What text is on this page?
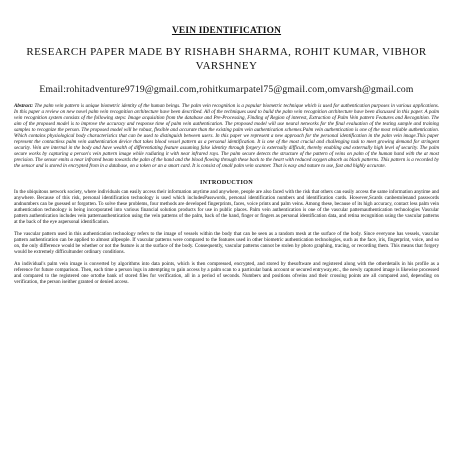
VEIN IDENTIFICATION
RESEARCH PAPER MADE BY RISHABH SHARMA, ROHIT KUMAR, VIBHOR VARSHNEY
Email:rohitadventure9719@gmail.com,rohitkumarpatel75@gmail.com,omvarsh@gmail.com
Abstract: The palm vein pattern is unique biometric identity of the human beings. The palm vein recognition is a popular biometric technique which is used for authentication purposes in various applications. In this paper a review on new novel palm vein recognition architecture have been described. All of the techniques used to build the palm vein recognition architecture have been discussed in this paper. A palm vein recognition system consists of the following steps: Image acquisition from the database and Pre-Processing, Finding of Region of interest, Extraction of Palm Vein pattern Features and Recognition. The aim of the proposed model is to improve the accuracy and response time of palm vein authentication. The proposed model will use neural networks for the final evaluation of the testing sample and training samples to recognize the person. The proposed model will be robust, flexible and accurate than the existing palm vein authentication schemes.Palm vein authentication is one of the most reliable authentication. Which contains physiological body characteristics that can be used to distinguish between users. In this paper we represent a new approach for the personal identification in the palm vein image.This paper represent the contactless palm vein authentication device that takes blood vessel pattern as a personal identification. It is one of the most crucial and challenging task to meet growing demand for stringent security. Vein are internal in the body and have wealth of differentiating feature assuming false identity through forgery is externally difficult, thereby enabling and externally high level of security. The palm secure works by capturing a person's vein pattern image while radiating it with near infrared rays. The palm secure detects the structure of the pattern of veins on palm of the human hand with the at most precision. The sensor emits a near infrared beam towards the palm of the hand and the blood flowing through these back to the heart with reduced oxygen absorb as black patterns. This pattern is a recorded by the sensor and is stored in encrypted from in a database, on a token or an a smart card. It is consist of small palm vein scanner. That is easy and nature to use, fast and highly accurate.
INTRODUCTION

In the ubiquitous network society, where individuals can easily access their information anytime and anywhere, people are also faced with the risk that others can easily access the same information anytime and anywhere. Because of this risk, personal identification technology is used which includesPasswords, personal identification numbers and identification cards. However,Scards canbestolenand passwords andnumbers can be guessed or forgotten. To solve these problems, four methods are developed fingerprints, faces, voice prints and palm veins. Among these, because of its high accuracy, contact less palm vein authentication technology is being incorporated into various financial solution products for use in public places. Palm vein authentication is one of the vascular patternauthentication technologies Vascular pattern authentication includes vein patternauthentication using the vein patterns of the palm, back of the hand, finger or fingers as personal identification data, and retina recognition using the vascular patterns at the back of the eye aspersonal identification.

The vascular pattern used in this authentication technology refers to the image of vessels within the body that can be seen as a random mesh at the surface of the body. Since everyone has vessels, vascular pattern authentication can be applied to almost allpeople. If vascular patterns were compared to the features used in other biometric authentication technologies, such as the face, iris, fingerprint, voice, and so on, the only difference would be whether or not the feature is at the surface of the body. Consequently, vascular patterns cannot be stolen by photo graphing, tracing, or recording them. This means that forgery would be extremely difficultunder ordinary conditions.

An individual's palm vein image is converted by algorithms into data points, which is then compressed, encrypted, and stored by thesoftware and registered along with the otherdetails in his profile as a reference for future comparison. Then, each time a person logs in attempting to gain access by a palm scan to a particular bank account or secured entryway,etc., the newly captured image is likewise processed and compared to the registered one ortothe bank of stored files for verification, all in a period of seconds. Numbers and positions ofveins and their crossing points are all compared and, depending on verification, the person iseither granted or denied access.
